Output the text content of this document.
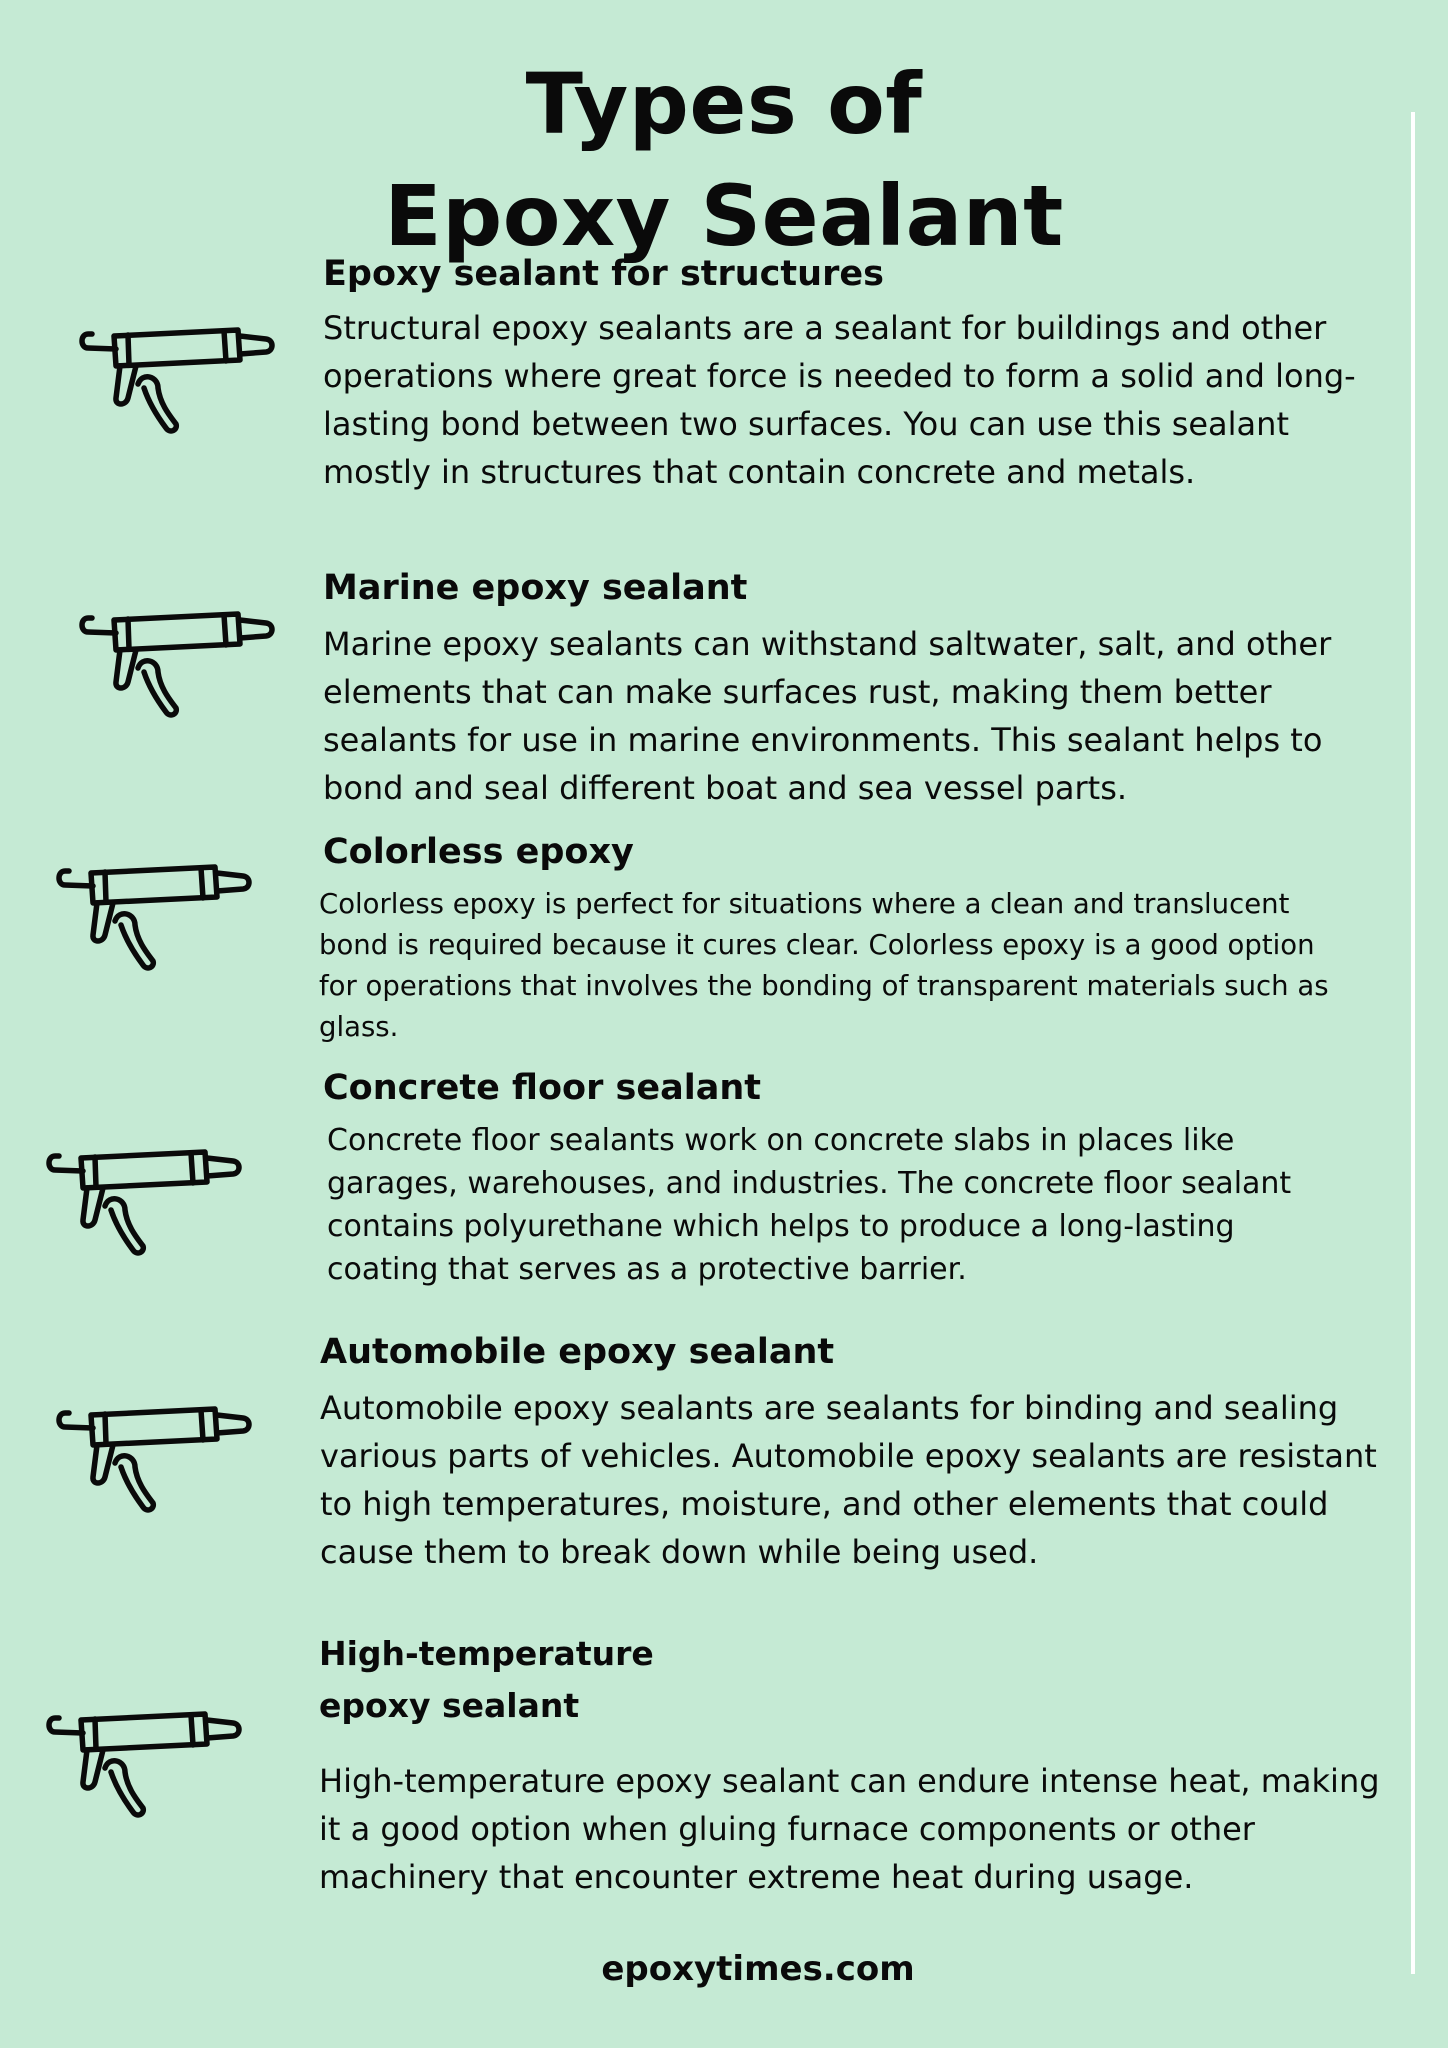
Types of
Epoxy Sealant
Epoxy sealant for structures

Structural epoxy sealants are a sealant for buildings and other operations where great force is needed to form a solid and long-lasting bond between two surfaces. You can use this sealant mostly in structures that contain concrete and metals.

Marine epoxy sealant

Marine epoxy sealants can withstand saltwater, salt, and other elements that can make surfaces rust, making them better sealants for use in marine environments. This sealant helps to bond and seal different boat and sea vessel parts.

Colorless epoxy

Colorless epoxy is perfect for situations where a clean and translucent bond is required because it cures clear. Colorless epoxy is a good option for operations that involves the bonding of transparent materials such as glass.

Concrete floor sealant

Concrete floor sealants work on concrete slabs in places like garages, warehouses, and industries. The concrete floor sealant contains polyurethane which helps to produce a long-lasting coating that serves as a protective barrier.

Automobile epoxy sealant

Automobile epoxy sealants are sealants for binding and sealing various parts of vehicles. Automobile epoxy sealants are resistant to high temperatures, moisture, and other elements that could cause them to break down while being used.

High-temperature
epoxy sealant

High-temperature epoxy sealant can endure intense heat, making it a good option when gluing furnace components or other machinery that encounter extreme heat during usage.

epoxytimes.com
